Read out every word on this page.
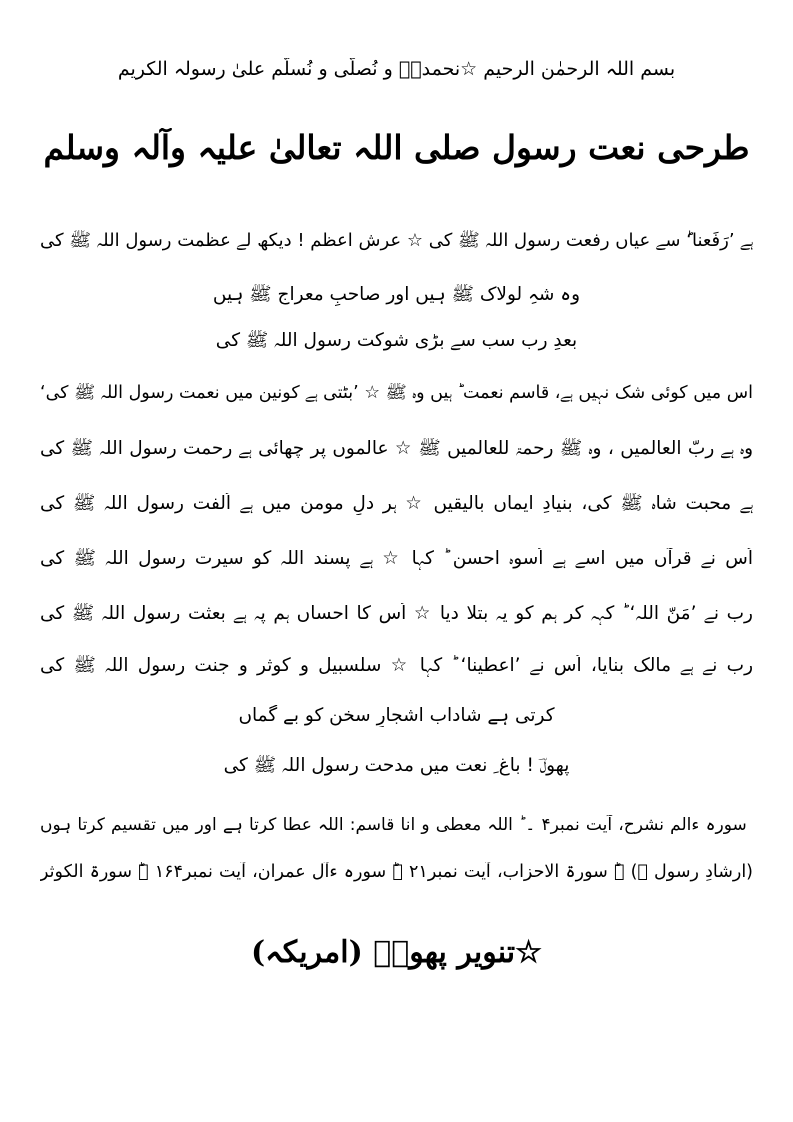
بسم اللہ الرحمٰن الرحیم ☆نحمدہٗ و نُصلّی و نُسلّم علیٰ رسولہ الکریم
طرحی نعت رسول صلی اللہ تعالیٰ علیہ وآلہ وسلم
ہے ’رَفَعنا‘ؕ سے عیاں رفعت رسول اللہ ﷺ کی ☆ عرشِ اعظم ! دیکھ لے عظمت رسول اللہ ﷺ کی
وہ شہِ لولاک ﷺ ہیں اور صاحبِ معراج ﷺ ہیں
بعدِ رب سب سے بڑی شوکت رسول اللہ ﷺ کی
اس میں کوئی شک نہیں ہے، قاسم نعمت ؕ ہیں وہ ﷺ ☆ ’بٹتی ہے کونین میں نعمت رسول اللہ ﷺ کی‘
وہ ہے ربّ العالمیں ، وہ ﷺ رحمۃ للعالمیں ﷺ ☆ عالموں پر چھائی ہے رحمت رسول اللہ ﷺ کی
ہے محبت شاہ ﷺ کی، بنیادِ ایماں بالیقیں ☆ ہر دلِ مومن میں ہے اُلفت رسول اللہ ﷺ کی
اُس نے قرآں میں اسے ہے اُسوہ احسن ؕ کہا ☆ ہے پسند اللہ کو سیرت رسول اللہ ﷺ کی
رب نے ’مَنّ اللہ‘ ؕ کہہ کر ہم کو یہ بتلا دیا ☆ اُس کا احساں ہم پہ ہے بعثت رسول اللہ ﷺ کی
رب نے ہے مالک بنایا، اُس نے ’اعطینا‘ ؕ کہا ☆ سلسبیل و کوثر و جنت رسول اللہ ﷺ کی
کرتی ہے شاداب اشجارِ سخن کو بے گماں
پھولؔ ! باغ ِ نعت میں مدحت رسول اللہ ﷺ کی
ؕ سورہ ءالم نشرح، آیت نمبر۴ ۔ ؕ اللہ معطی و انا قاسم: اللہ عطا کرتا ہے اور میں تقسیم کرتا ہوں
(ارشادِ رسول ﷺ) ۔ؕ سورۃ الاحزاب، آیت نمبر۲۱ ۔ؕ سورہ ءآل عمران، آیت نمبر۱۶۴ ۔ؕ سورۃ الکوثر
☆تنویر پھولؔ (امریکہ)
